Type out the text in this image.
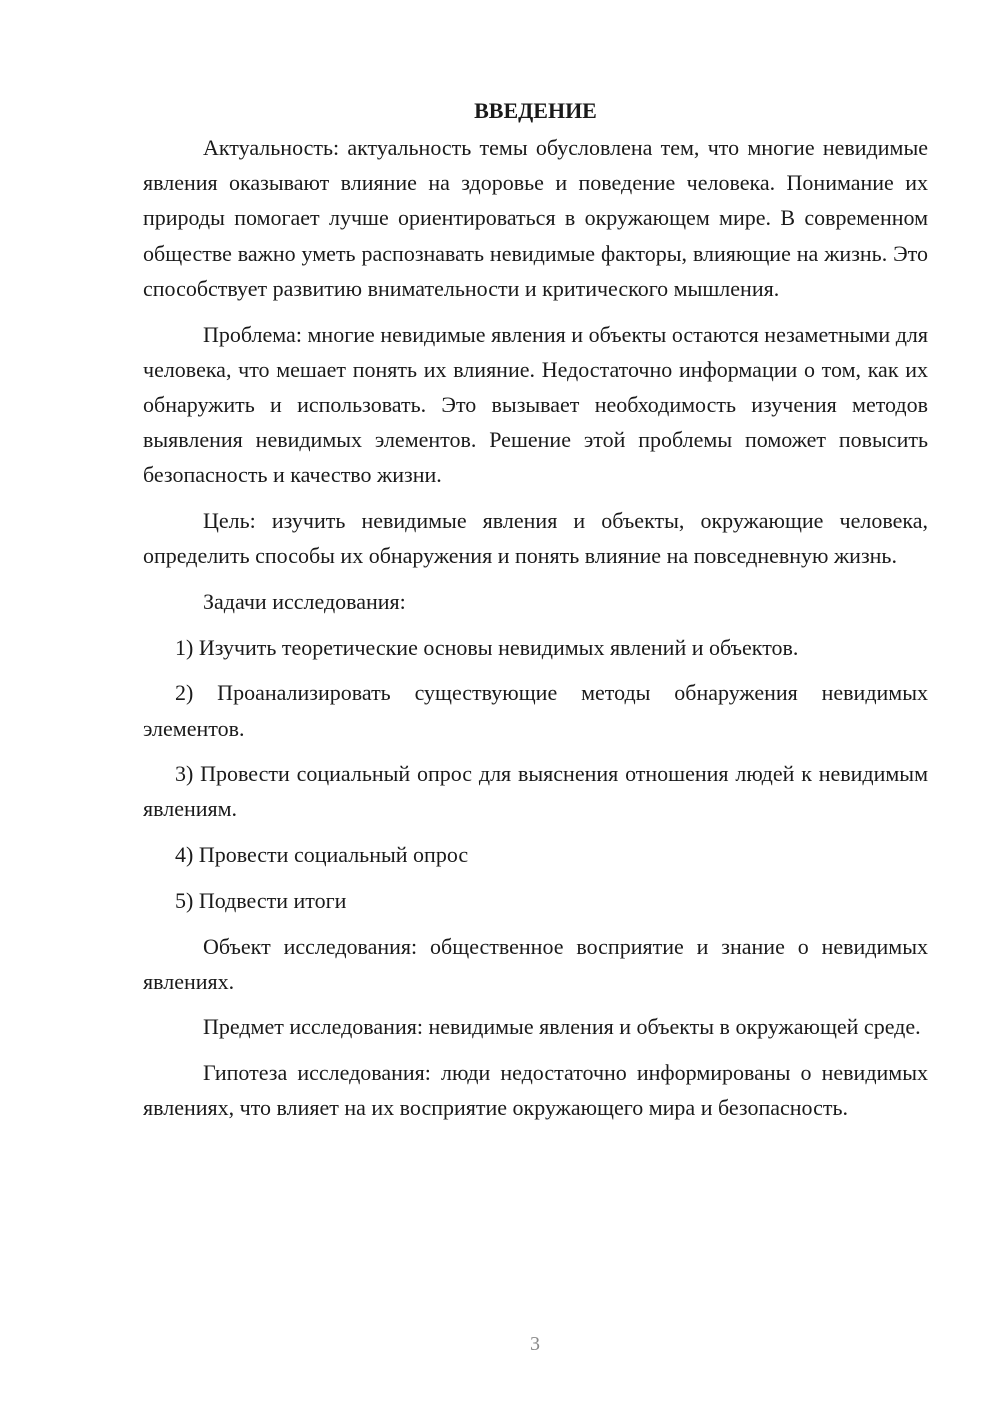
ВВЕДЕНИЕ

Актуальность: актуальность темы обусловлена тем, что многие невидимые явления оказывают влияние на здоровье и поведение человека. Понимание их природы помогает лучше ориентироваться в окружающем мире. В современном обществе важно уметь распознавать невидимые факторы, влияющие на жизнь. Это способствует развитию внимательности и критического мышления.

Проблема: многие невидимые явления и объекты остаются незаметными для человека, что мешает понять их влияние. Недостаточно информации о том, как их обнаружить и использовать. Это вызывает необходимость изучения методов выявления невидимых элементов. Решение этой проблемы поможет повысить безопасность и качество жизни.

Цель: изучить невидимые явления и объекты, окружающие человека, определить способы их обнаружения и понять влияние на повседневную жизнь.

Задачи исследования:

1) Изучить теоретические основы невидимых явлений и объектов.

2) Проанализировать существующие методы обнаружения невидимых элементов.

3) Провести социальный опрос для выяснения отношения людей к невидимым явлениям.

4) Провести социальный опрос

5) Подвести итоги

Объект исследования: общественное восприятие и знание о невидимых явлениях.

Предмет исследования: невидимые явления и объекты в окружающей среде.

Гипотеза исследования: люди недостаточно информированы о невидимых явлениях, что влияет на их восприятие окружающего мира и безопасность.

3
